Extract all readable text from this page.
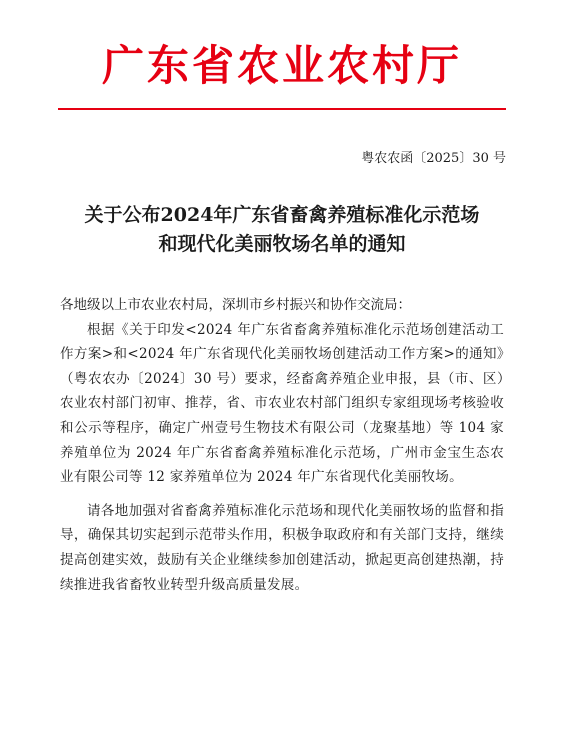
广东省农业农村厅
粤农农函〔2025〕30 号
关于公布2024年广东省畜禽养殖标准化示范场
和现代化美丽牧场名单的通知

各地级以上市农业农村局，深圳市乡村振兴和协作交流局：

根据《关于印发<2024 年广东省畜禽养殖标准化示范场创建活动工作方案>和<2024 年广东省现代化美丽牧场创建活动工作方案>的通知》（粤农农办〔2024〕30 号）要求，经畜禽养殖企业申报，县（市、区）农业农村部门初审、推荐，省、市农业农村部门组织专家组现场考核验收和公示等程序，确定广州壹号生物技术有限公司（龙聚基地）等 104 家养殖单位为 2024 年广东省畜禽养殖标准化示范场，广州市金宝生态农业有限公司等 12 家养殖单位为 2024 年广东省现代化美丽牧场。

请各地加强对省畜禽养殖标准化示范场和现代化美丽牧场的监督和指导，确保其切实起到示范带头作用，积极争取政府和有关部门支持，继续提高创建实效，鼓励有关企业继续参加创建活动，掀起更高创建热潮，持续推进我省畜牧业转型升级高质量发展。
